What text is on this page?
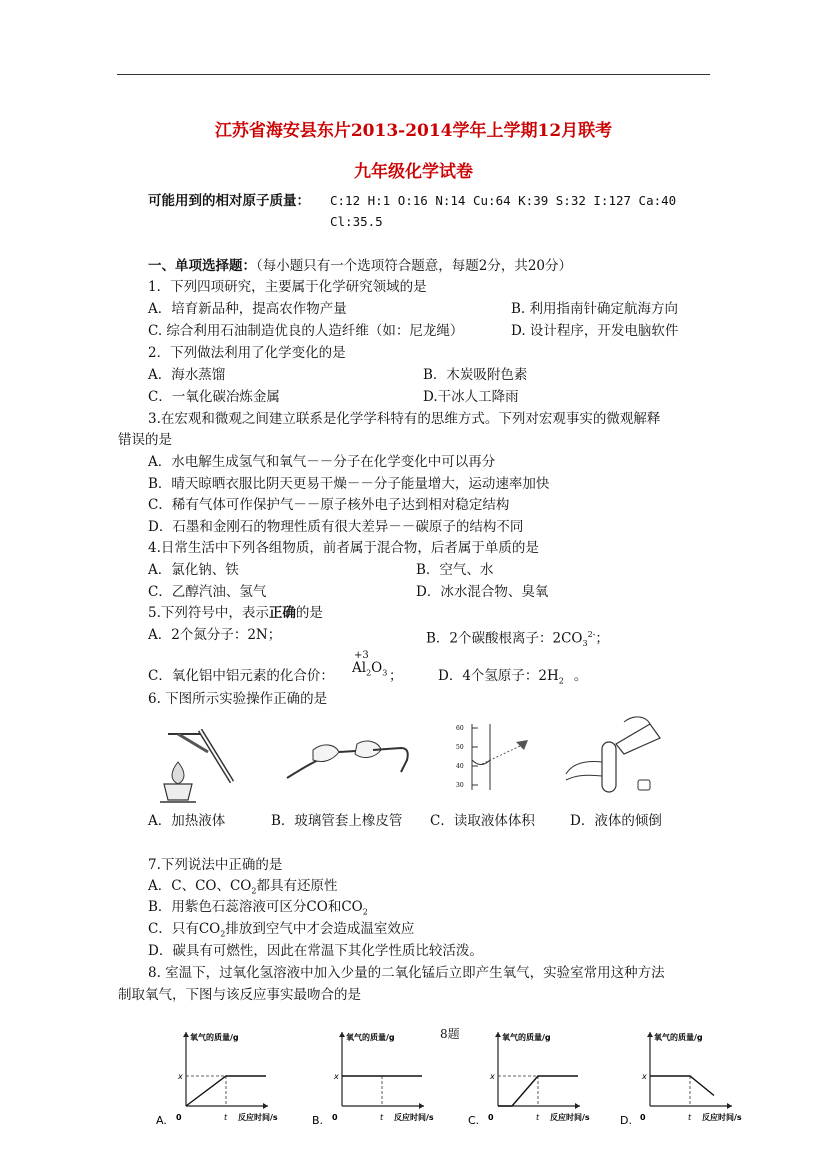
江苏省海安县东片2013-2014学年上学期12月联考
九年级化学试卷
可能用到的相对原子质量： C:12 H:1 O:16 N:14 Cu:64 K:39 S:32 I:127 Ca:40
Cl:35.5
一、单项选择题：（每小题只有一个选项符合题意，每题2分，共20分）
1．下列四项研究，主要属于化学研究领域的是
A．培育新品种，提高农作物产量	B. 利用指南针确定航海方向
C. 综合利用石油制造优良的人造纤维（如：尼龙绳）	D. 设计程序，开发电脑软件
2．下列做法利用了化学变化的是
A．海水蒸馏	B．木炭吸附色素
C．一氧化碳冶炼金属	D.干冰人工降雨
3.在宏观和微观之间建立联系是化学学科特有的思维方式。下列对宏观事实的微观解释
错误的是
A．水电解生成氢气和氧气－－分子在化学变化中可以再分
B．晴天晾晒衣服比阴天更易干燥－－分子能量增大，运动速率加快
C．稀有气体可作保护气－－原子核外电子达到相对稳定结构
D．石墨和金刚石的物理性质有很大差异－－碳原子的结构不同
4.日常生活中下列各组物质，前者属于混合物，后者属于单质的是
A．氯化钠、铁	B．空气、水
C．乙醇汽油、氢气	D．冰水混合物、臭氧
5.下列符号中，表示正确的是
A．2个氮分子：2N；	B．2个碳酸根离子：$2CO_3^{2-}$；
C．氧化铝中铝元素的化合价：
+3
$Al_2O_3$ ；	D．4个氢原子：$2H_2$ 。
6. 下图所示实验操作正确的是
60
50
40
30
A．加热液体	B．玻璃管套上橡皮管 C．读取液体体积	D．液体的倾倒
7.下列说法中正确的是
A．C、CO、$CO_2$都具有还原性
B．用紫色石蕊溶液可区分CO和$CO_2$
C．只有$CO_2$排放到空气中才会造成温室效应
D．碳具有可燃性，因此在常温下其化学性质比较活泼。
8. 室温下，过氧化氢溶液中加入少量的二氧化锰后立即产生氧气，实验室常用这种方法
制取氧气，下图与该反应事实最吻合的是
8题
氧气的质量/g
反应时间/s
0	t
x
A.
氧气的质量/g
反应时间/s
0	t
x
B.
氧气的质量/g
反应时间/s
0	t
x
C.
氧气的质量/g
反应时间/s
0	t
x
D.
